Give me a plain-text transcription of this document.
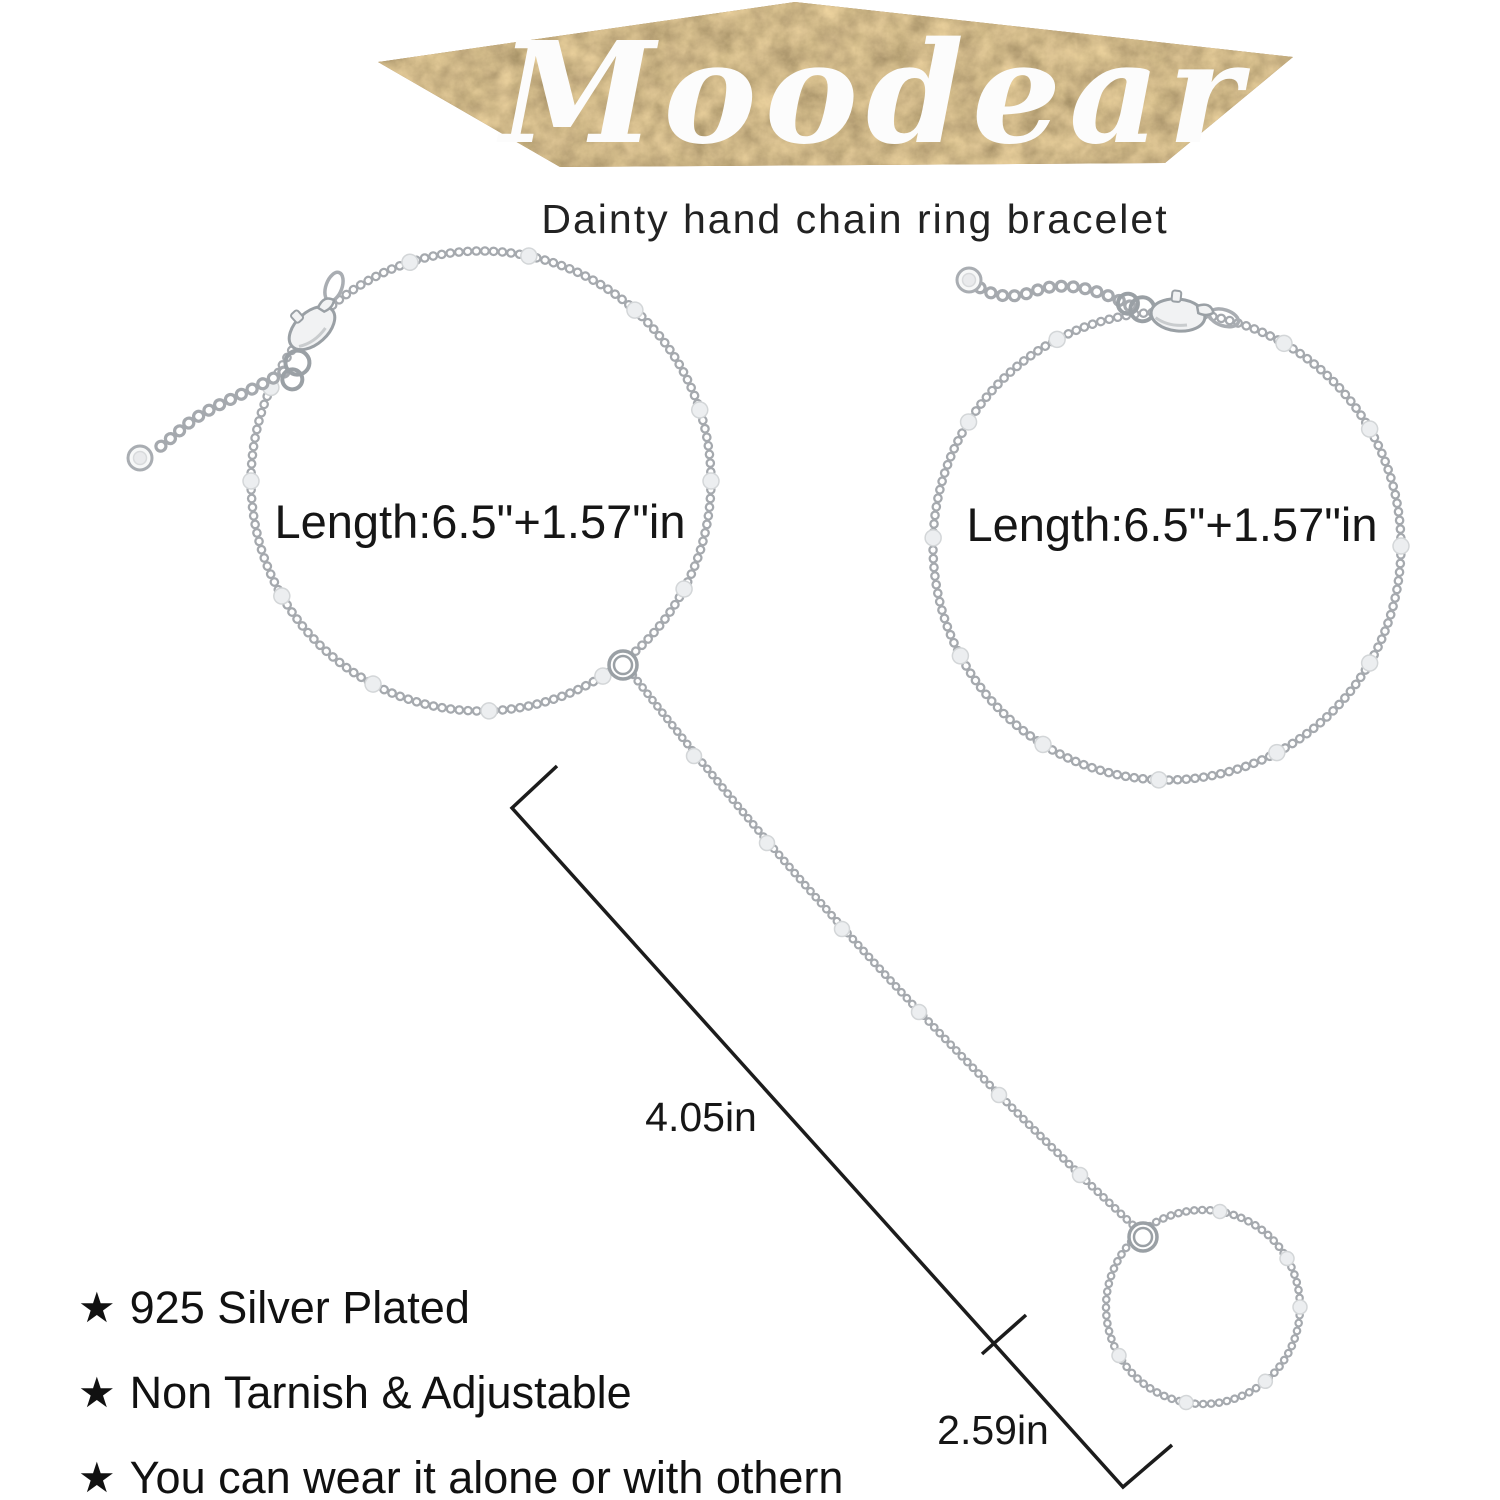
Moodear
Dainty hand chain ring bracelet
Length:6.5"+1.57"in	Length:6.5"+1.57"in
4.05in
2.59in
★ 925 Silver Plated
★ Non Tarnish & Adjustable
★ You can wear it alone or with othern
